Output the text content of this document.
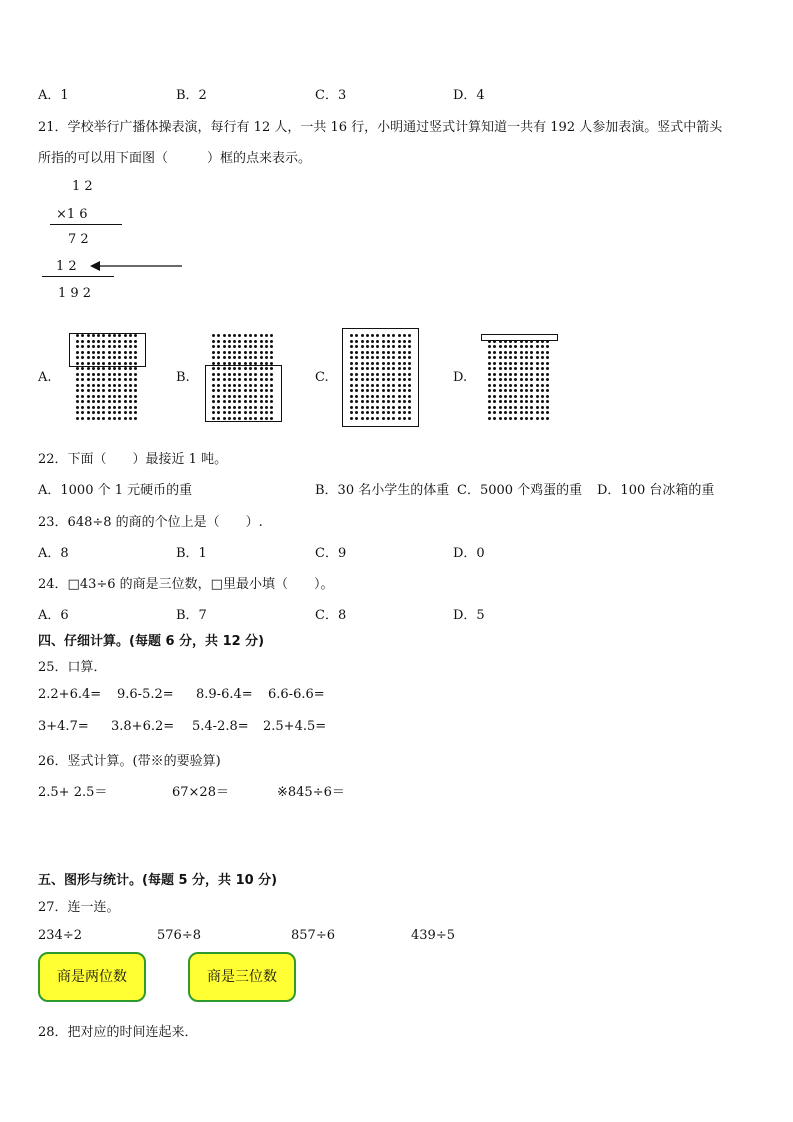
A．1	B．2	C．3	D．4
21．学校举行广播体操表演，每行有 12 人，一共 16 行，小明通过竖式计算知道一共有 192 人参加表演。竖式中箭头
所指的可以用下面图（　　　）框的点来表示。
1 2
×1 6
7 2
1 2
1 9 2
A.	B.	C.	D.
22．下面（　　）最接近 1 吨。
A．1000 个 1 元硬币的重	B．30 名小学生的体重 C．5000 个鸡蛋的重 D．100 台冰箱的重
23．648÷8 的商的个位上是（　　）.
A．8	B．1	C．9	D．0
24．□43÷6 的商是三位数，□里最小填（　　）。
A．6	B．7	C．8	D．5
四、仔细计算。(每题 6 分，共 12 分)
25．口算．
2.2+6.4= 9.6-5.2= 8.9-6.4= 6.6-6.6=
3+4.7= 3.8+6.2= 5.4-2.8= 2.5+4.5=
26．竖式计算。(带※的要验算)
2.5+ 2.5＝	67×28＝	※845÷6＝
五、图形与统计。(每题 5 分，共 10 分)
27．连一连。
234÷2	576÷8	857÷6	439÷5
商是两位数	商是三位数
28．把对应的时间连起来．
